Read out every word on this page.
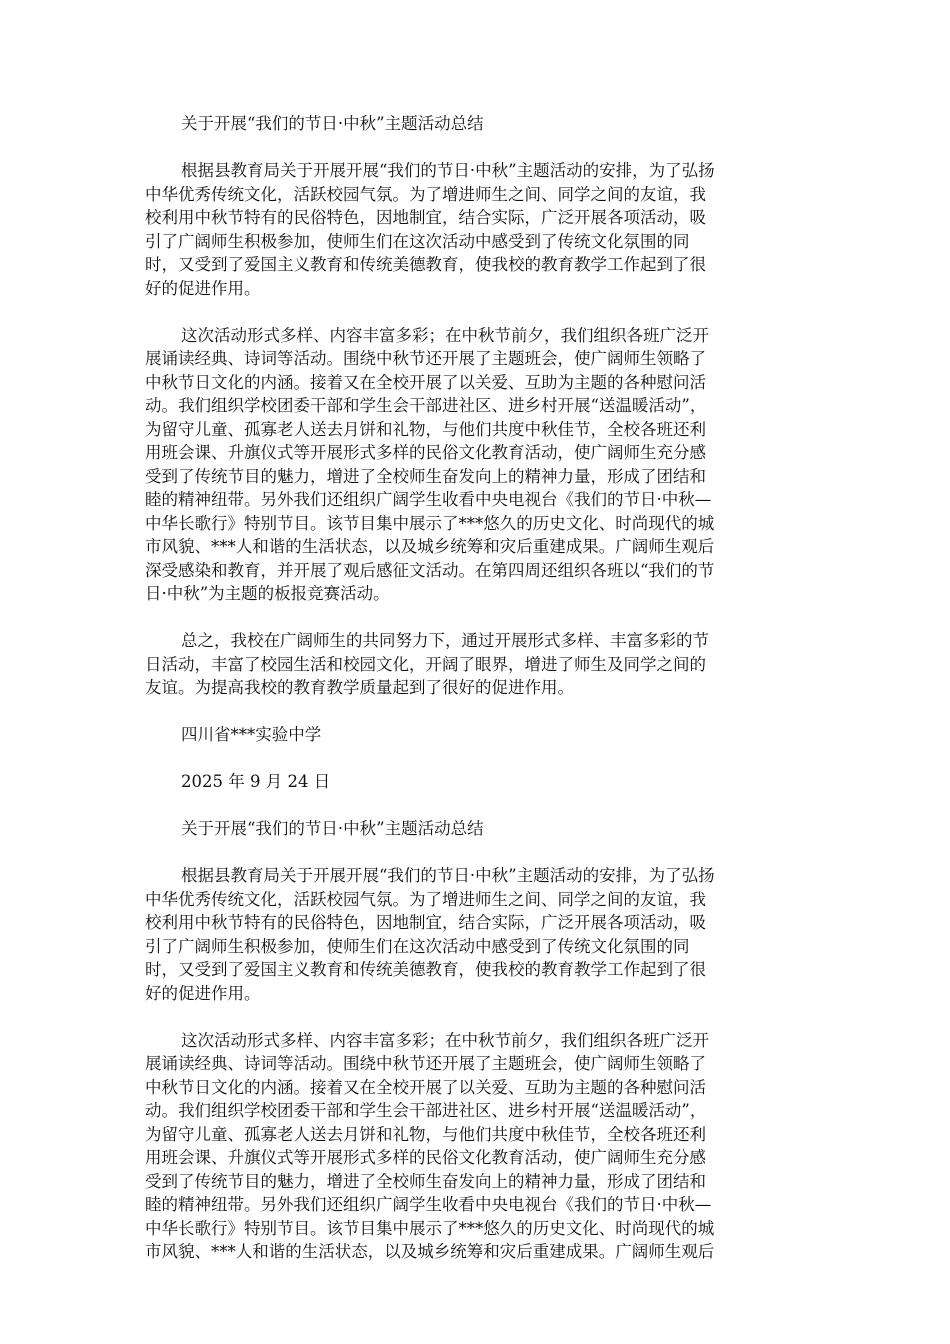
关于开展“我们的节日·中秋”主题活动总结
根据县教育局关于开展开展“我们的节日·中秋”主题活动的安排，为了弘扬
中华优秀传统文化，活跃校园气氛。为了增进师生之间、同学之间的友谊，我
校利用中秋节特有的民俗特色，因地制宜，结合实际，广泛开展各项活动，吸
引了广阔师生积极参加，使师生们在这次活动中感受到了传统文化氛围的同
时，又受到了爱国主义教育和传统美德教育，使我校的教育教学工作起到了很
好的促进作用。
这次活动形式多样、内容丰富多彩；在中秋节前夕，我们组织各班广泛开
展诵读经典、诗词等活动。围绕中秋节还开展了主题班会，使广阔师生领略了
中秋节日文化的内涵。接着又在全校开展了以关爱、互助为主题的各种慰问活
动。我们组织学校团委干部和学生会干部进社区、进乡村开展“送温暖活动”，
为留守儿童、孤寡老人送去月饼和礼物，与他们共度中秋佳节，全校各班还利
用班会课、升旗仪式等开展形式多样的民俗文化教育活动，使广阔师生充分感
受到了传统节目的魅力，增进了全校师生奋发向上的精神力量，形成了团结和
睦的精神纽带。另外我们还组织广阔学生收看中央电视台《我们的节日·中秋—
中华长歌行》特别节目。该节目集中展示了***悠久的历史文化、时尚现代的城
市风貌、***人和谐的生活状态，以及城乡统筹和灾后重建成果。广阔师生观后
深受感染和教育，并开展了观后感征文活动。在第四周还组织各班以“我们的节
日·中秋”为主题的板报竞赛活动。
总之，我校在广阔师生的共同努力下，通过开展形式多样、丰富多彩的节
日活动，丰富了校园生活和校园文化，开阔了眼界，增进了师生及同学之间的
友谊。为提高我校的教育教学质量起到了很好的促进作用。
四川省***实验中学
2025 年 9 月 24 日
关于开展“我们的节日·中秋”主题活动总结
根据县教育局关于开展开展“我们的节日·中秋”主题活动的安排，为了弘扬
中华优秀传统文化，活跃校园气氛。为了增进师生之间、同学之间的友谊，我
校利用中秋节特有的民俗特色，因地制宜，结合实际，广泛开展各项活动，吸
引了广阔师生积极参加，使师生们在这次活动中感受到了传统文化氛围的同
时，又受到了爱国主义教育和传统美德教育，使我校的教育教学工作起到了很
好的促进作用。
这次活动形式多样、内容丰富多彩；在中秋节前夕，我们组织各班广泛开
展诵读经典、诗词等活动。围绕中秋节还开展了主题班会，使广阔师生领略了
中秋节日文化的内涵。接着又在全校开展了以关爱、互助为主题的各种慰问活
动。我们组织学校团委干部和学生会干部进社区、进乡村开展“送温暖活动”，
为留守儿童、孤寡老人送去月饼和礼物，与他们共度中秋佳节，全校各班还利
用班会课、升旗仪式等开展形式多样的民俗文化教育活动，使广阔师生充分感
受到了传统节目的魅力，增进了全校师生奋发向上的精神力量，形成了团结和
睦的精神纽带。另外我们还组织广阔学生收看中央电视台《我们的节日·中秋—
中华长歌行》特别节目。该节目集中展示了***悠久的历史文化、时尚现代的城
市风貌、***人和谐的生活状态，以及城乡统筹和灾后重建成果。广阔师生观后
